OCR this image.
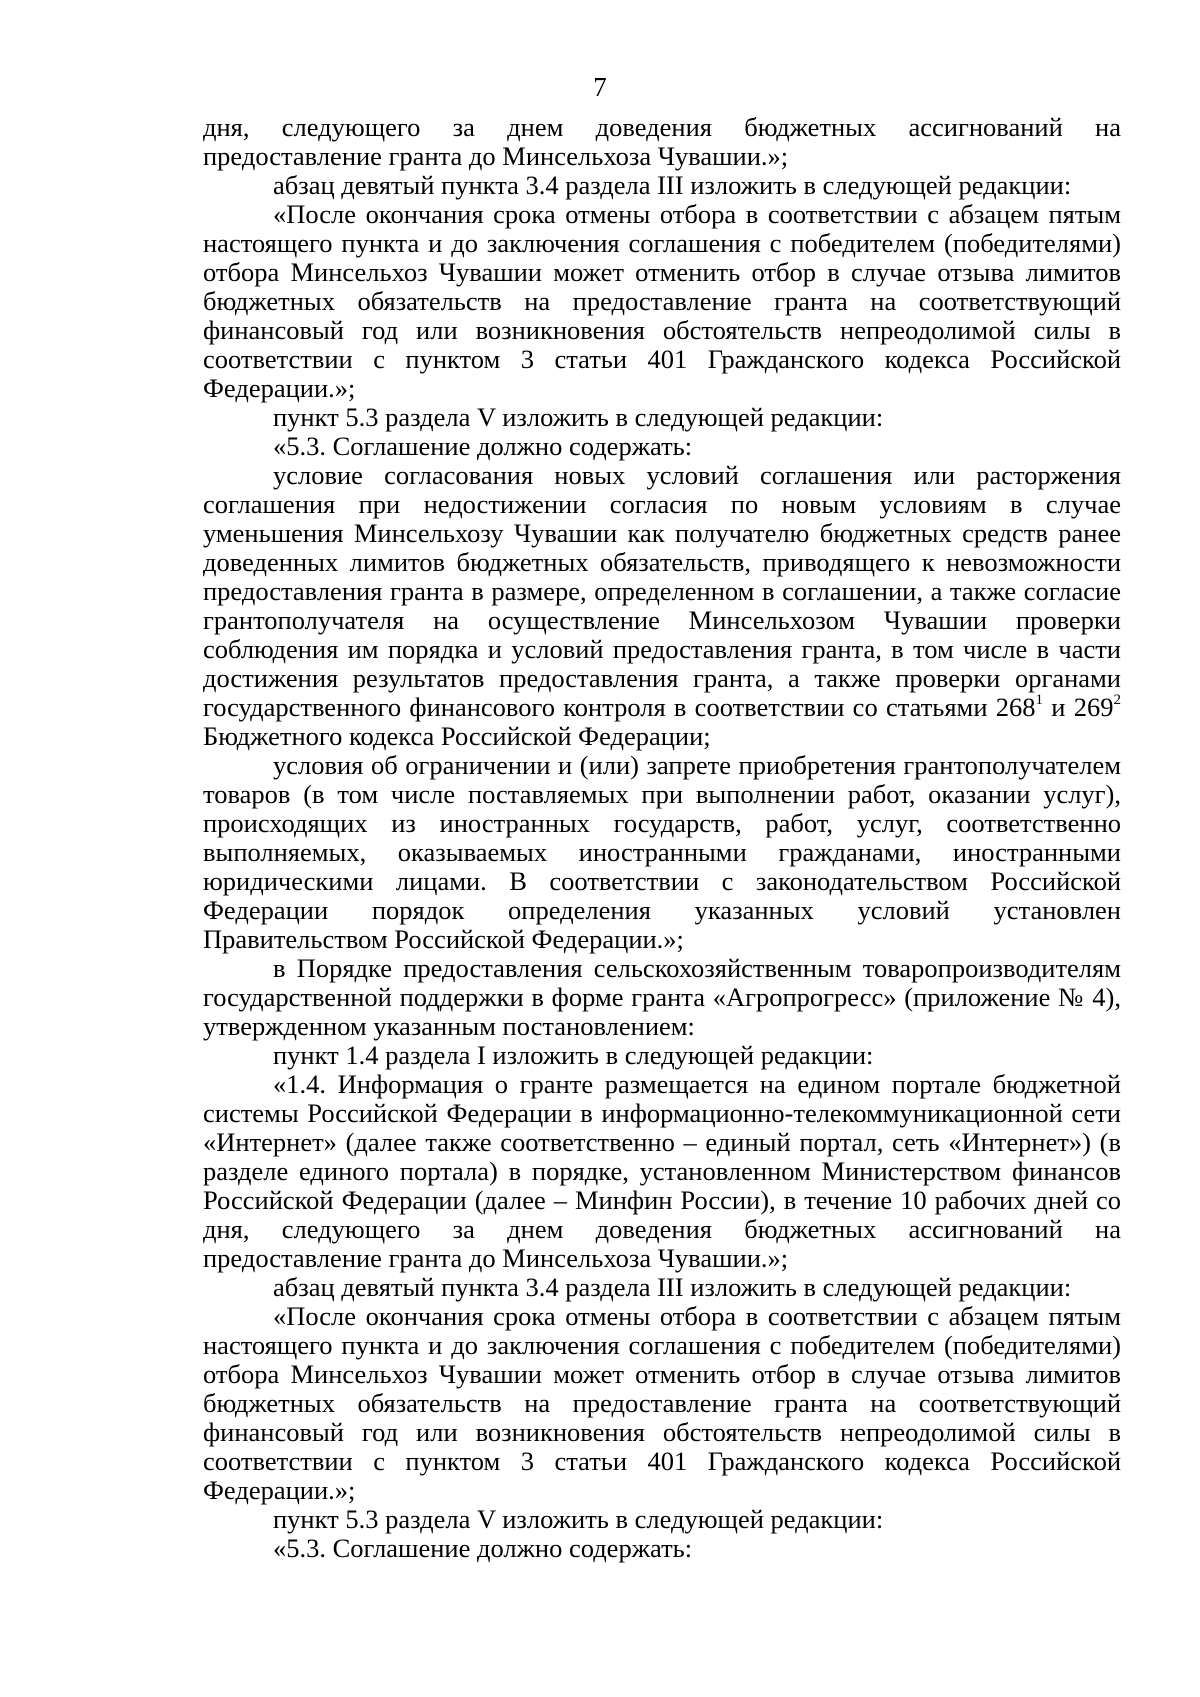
7

дня, следующего за днем доведения бюджетных ассигнований на предоставление гранта до Минсельхоза Чувашии.»;

абзац девятый пункта 3.4 раздела III изложить в следующей редакции:

«После окончания срока отмены отбора в соответствии с абзацем пятым настоящего пункта и до заключения соглашения с победителем (победителями) отбора Минсельхоз Чувашии может отменить отбор в случае отзыва лимитов бюджетных обязательств на предоставление гранта на соответствующий финансовый год или возникновения обстоятельств непреодолимой силы в соответствии с пунктом 3 статьи 401 Гражданского кодекса Российской Федерации.»;

пункт 5.3 раздела V изложить в следующей редакции:

«5.3. Соглашение должно содержать:

условие согласования новых условий соглашения или расторжения соглашения при недостижении согласия по новым условиям в случае уменьшения Минсельхозу Чувашии как получателю бюджетных средств ранее доведенных лимитов бюджетных обязательств, приводящего к невозможности предоставления гранта в размере, определенном в соглашении, а также согласие грантополучателя на осуществление Минсельхозом Чувашии проверки соблюдения им порядка и условий предоставления гранта, в том числе в части достижения результатов предоставления гранта, а также проверки органами государственного финансового контроля в соответствии со статьями $268^1$ и $269^2$ Бюджетного кодекса Российской Федерации;

условия об ограничении и (или) запрете приобретения грантополучателем товаров (в том числе поставляемых при выполнении работ, оказании услуг), происходящих из иностранных государств, работ, услуг, соответственно выполняемых, оказываемых иностранными гражданами, иностранными юридическими лицами. В соответствии с законодательством Российской Федерации порядок определения указанных условий установлен Правительством Российской Федерации.»;

в Порядке предоставления сельскохозяйственным товаропроизводителям государственной поддержки в форме гранта «Агропрогресс» (приложение № 4), утвержденном указанным постановлением:

пункт 1.4 раздела I изложить в следующей редакции:

«1.4. Информация о гранте размещается на едином портале бюджетной системы Российской Федерации в информационно-телекоммуникационной сети «Интернет» (далее также соответственно – единый портал, сеть «Интернет») (в разделе единого портала) в порядке, установленном Министерством финансов Российской Федерации (далее – Минфин России), в течение 10 рабочих дней со дня, следующего за днем доведения бюджетных ассигнований на предоставление гранта до Минсельхоза Чувашии.»;

абзац девятый пункта 3.4 раздела III изложить в следующей редакции:

«После окончания срока отмены отбора в соответствии с абзацем пятым настоящего пункта и до заключения соглашения с победителем (победителями) отбора Минсельхоз Чувашии может отменить отбор в случае отзыва лимитов бюджетных обязательств на предоставление гранта на соответствующий финансовый год или возникновения обстоятельств непреодолимой силы в соответствии с пунктом 3 статьи 401 Гражданского кодекса Российской Федерации.»;

пункт 5.3 раздела V изложить в следующей редакции:

«5.3. Соглашение должно содержать:
